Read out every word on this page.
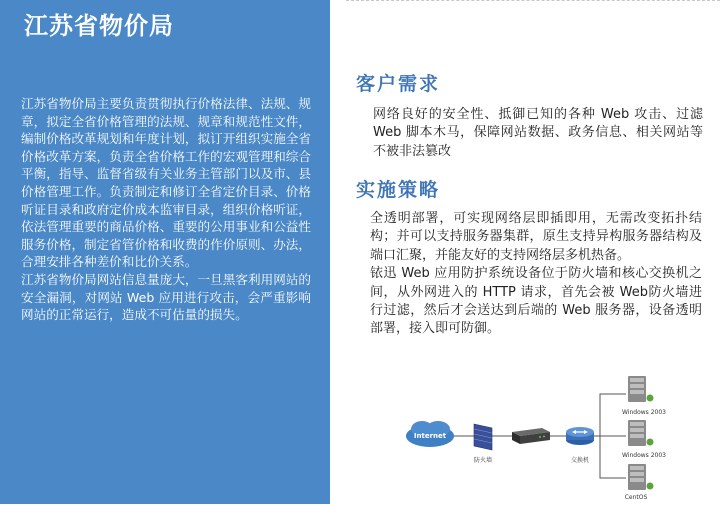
江苏省物价局

江苏省物价局主要负责贯彻执行价格法律、法规、规章，拟定全省价格管理的法规、规章和规范性文件，编制价格改革规划和年度计划，拟订开组织实施全省价格改革方案，负责全省价格工作的宏观管理和综合平衡，指导、监督省级有关业务主管部门以及市、县价格管理工作。负责制定和修订全省定价目录、价格听证目录和政府定价成本监审目录，组织价格听证，依法管理重要的商品价格、重要的公用事业和公益性服务价格，制定省管价格和收费的作价原则、办法，合理安排各种差价和比价关系。

江苏省物价局网站信息量庞大，一旦黑客利用网站的安全漏洞，对网站 Web 应用进行攻击，会严重影响网站的正常运行，造成不可估量的损失。

客户需求

网络良好的安全性、抵御已知的各种 Web 攻击、过滤 Web 脚本木马，保障网站数据、政务信息、相关网站等不被非法篡改

实施策略

全透明部署，可实现网络层即插即用，无需改变拓扑结构；并可以支持服务器集群，原生支持异构服务器结构及端口汇聚，并能友好的支持网络层多机热备。

铱迅 Web 应用防护系统设备位于防火墙和核心交换机之间，从外网进入的 HTTP 请求，首先会被 Web防火墙进行过滤，然后才会送达到后端的 Web 服务器，设备透明部署，接入即可防御。

Internet
防火墙	交换机
Windows 2003
Windows 2003
CentOS
